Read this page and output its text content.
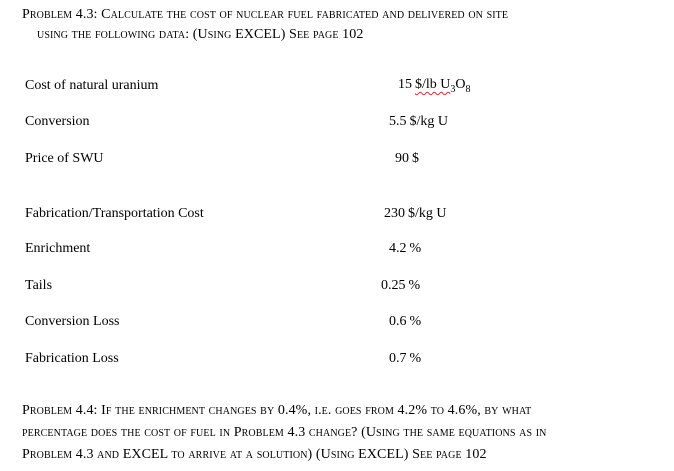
Problem 4.3: Calculate the cost of nuclear fuel fabricated and delivered on site
using the following data: (Using EXCEL) See page 102
Cost of natural uranium	15 $/lb $U_3O_8$
Conversion	5.5 $/kg U
Price of SWU	90 $
Fabrication/Transportation Cost	230 $/kg U
Enrichment	4.2 %
Tails	0.25 %
Conversion Loss	0.6 %
Fabrication Loss	0.7 %
Problem 4.4: If the enrichment changes by 0.4%, i.e. goes from 4.2% to 4.6%, by what
percentage does the cost of fuel in Problem 4.3 change? (Using the same equations as in
Problem 4.3 and EXCEL to arrive at a solution) (Using EXCEL) See page 102
